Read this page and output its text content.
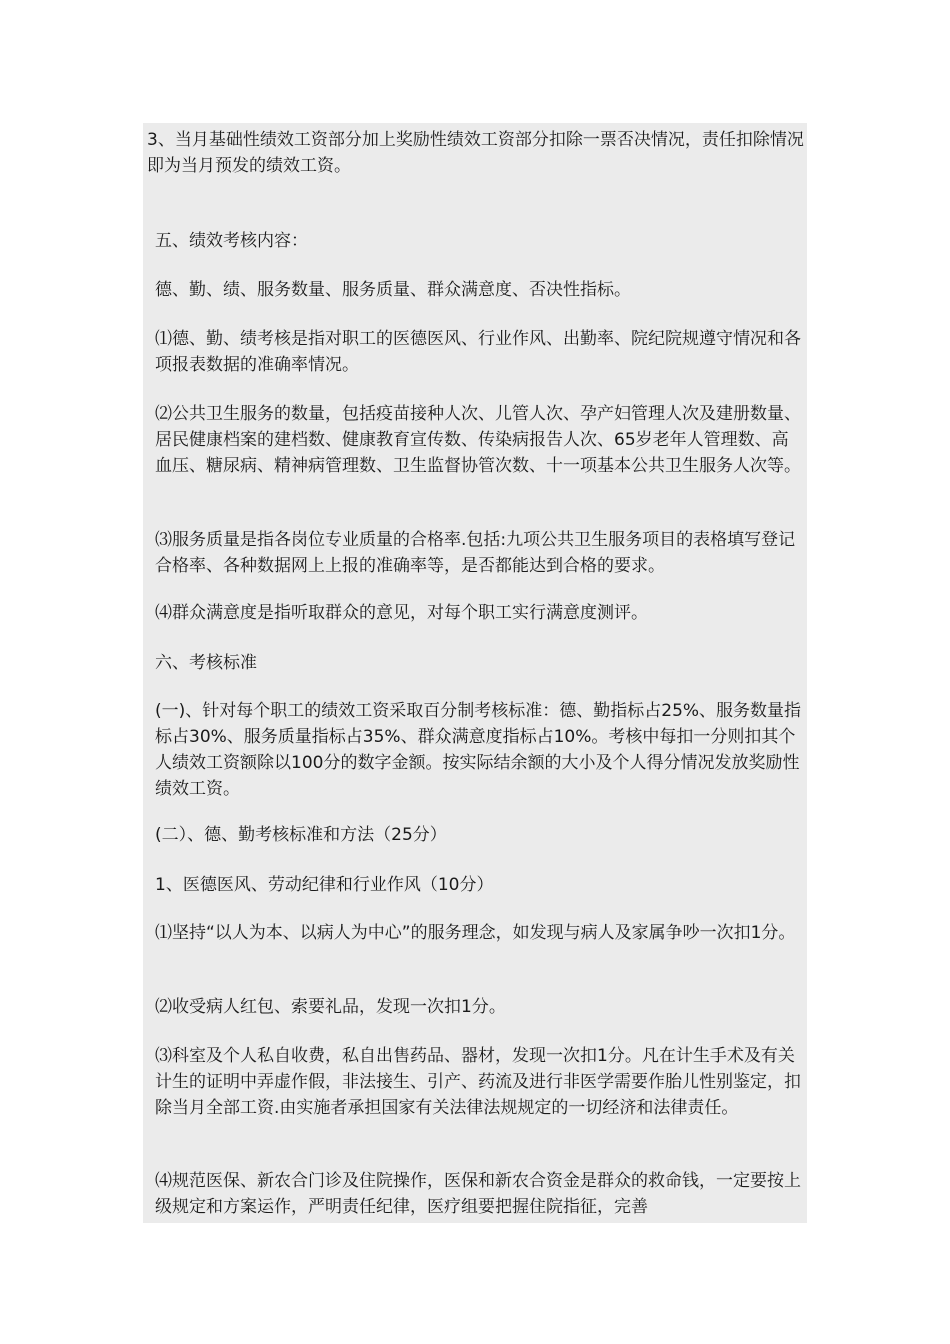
3、当月基础性绩效工资部分加上奖励性绩效工资部分扣除一票否决情况，责任扣除情况即为当月预发的绩效工资。

五、绩效考核内容：

德、勤、绩、服务数量、服务质量、群众满意度、否决性指标。

⑴德、勤、绩考核是指对职工的医德医风、行业作风、出勤率、院纪院规遵守情况和各项报表数据的准确率情况。

⑵公共卫生服务的数量，包括疫苗接种人次、儿管人次、孕产妇管理人次及建册数量、居民健康档案的建档数、健康教育宣传数、传染病报告人次、65岁老年人管理数、高血压、糖尿病、精神病管理数、卫生监督协管次数、十一项基本公共卫生服务人次等。

⑶服务质量是指各岗位专业质量的合格率.包括:九项公共卫生服务项目的表格填写登记合格率、各种数据网上上报的准确率等，是否都能达到合格的要求。

⑷群众满意度是指听取群众的意见，对每个职工实行满意度测评。

六、考核标准

(一)、针对每个职工的绩效工资采取百分制考核标准：德、勤指标占25%、服务数量指标占30%、服务质量指标占35%、群众满意度指标占10%。考核中每扣一分则扣其个人绩效工资额除以100分的数字金额。按实际结余额的大小及个人得分情况发放奖励性绩效工资。

(二）、德、勤考核标准和方法（25分）

1、医德医风、劳动纪律和行业作风（10分）

⑴坚持“以人为本、以病人为中心”的服务理念，如发现与病人及家属争吵一次扣1分。

⑵收受病人红包、索要礼品，发现一次扣1分。

⑶科室及个人私自收费，私自出售药品、器材，发现一次扣1分。凡在计生手术及有关计生的证明中弄虚作假，非法接生、引产、药流及进行非医学需要作胎儿性别鉴定，扣除当月全部工资.由实施者承担国家有关法律法规规定的一切经济和法律责任。

⑷规范医保、新农合门诊及住院操作，医保和新农合资金是群众的救命钱，一定要按上级规定和方案运作，严明责任纪律，医疗组要把握住院指征，完善
